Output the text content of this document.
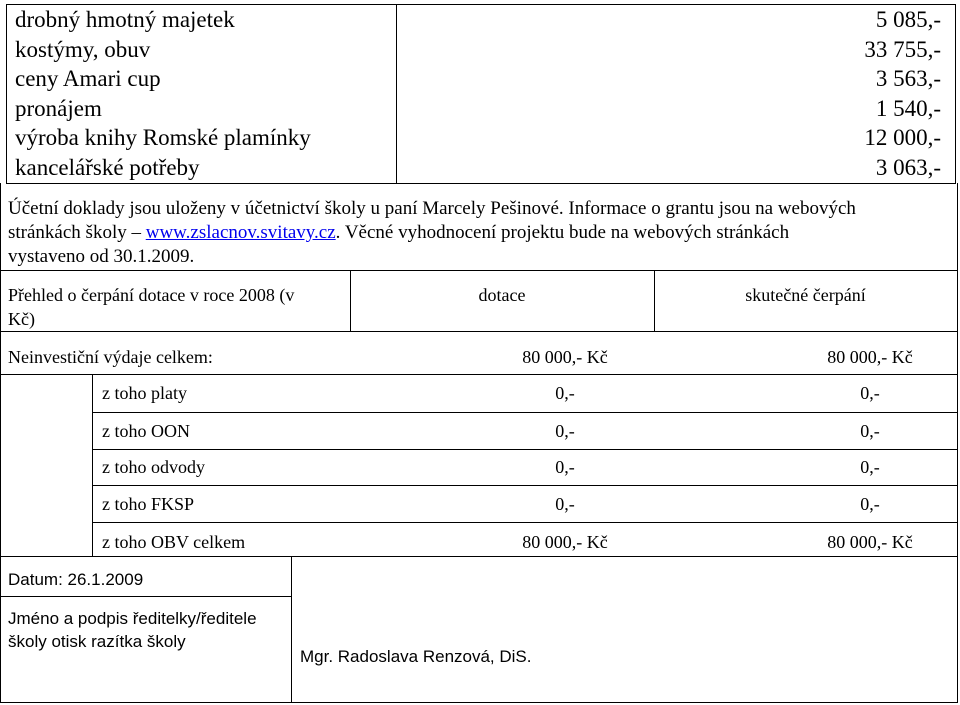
drobný hmotný majetek	5 085,-
kostýmy, obuv	33 755,-
ceny Amari cup	3 563,-
pronájem	1 540,-
výroba knihy Romské plamínky	12 000,-
kancelářské potřeby	3 063,-
Účetní doklady jsou uloženy v účetnictví školy u paní Marcely Pešinové. Informace o grantu jsou na webových
stránkách školy – www.zslacnov.svitavy.cz. Věcné vyhodnocení projektu bude na webových stránkách
vystaveno od 30.1.2009.
Přehled o čerpání dotace v roce 2008 (v
Kč)
dotace	skutečné čerpání
Neinvestiční výdaje celkem:	80 000,- Kč	80 000,- Kč
z toho platy	0,-	0,-
z toho OON	0,-	0,-
z toho odvody	0,-	0,-
z toho FKSP	0,-	0,-
z toho OBV celkem	80 000,- Kč	80 000,- Kč
Datum: 26.1.2009
Jméno a podpis ředitelky/ředitele
školy otisk razítka školy
Mgr. Radoslava Renzová, DiS.
